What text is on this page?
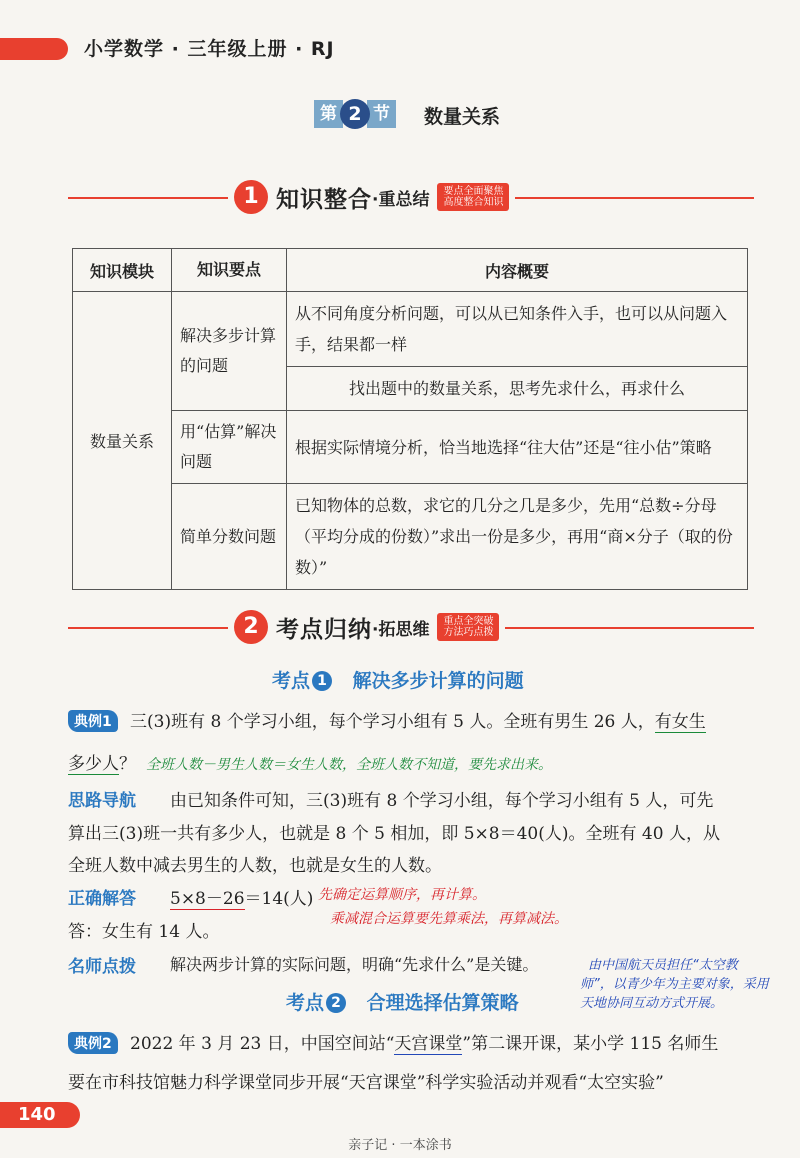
小学数学 · 三年级上册 · RJ
第 2 节	数量关系
1 知识整合 ·重总结	要点全面聚焦
高度整合知识
知识模块	知识要点	内容概要
数量关系	解决多步计算的问题	从不同角度分析问题，可以从已知条件入手，也可以从问题入手，结果都一样
		找出题中的数量关系，思考先求什么，再求什么
	用“估算”解决问题	根据实际情境分析，恰当地选择“往大估”还是“往小估”策略
	简单分数问题	已知物体的总数，求它的几分之几是多少，先用“总数÷分母（平均分成的份数）”求出一份是多少，再用“商×分子（取的份数）”
2 考点归纳 ·拓思维	重点全突破
方法巧点拨
考点 1 解决多步计算的问题
典例1	三(3)班有 8 个学习小组，每个学习小组有 5 人。全班有男生 26 人，有女生
多少人？ 全班人数－男生人数＝女生人数，全班人数不知道，要先求出来。
思路导航 由已知条件可知，三(3)班有 8 个学习小组，每个学习小组有 5 人，可先
算出三(3)班一共有多少人，也就是 8 个 5 相加，即 5×8＝40(人)。全班有 40 人，从
全班人数中减去男生的人数，也就是女生的人数。
正确解答 5×8－26＝14(人) 先确定运算顺序，再计算。
乘减混合运算要先算乘法，再算减法。
答：女生有 14 人。
名师点拨 解决两步计算的实际问题，明确“先求什么”是关键。	由中国航天员担任“太空教
师”，以青少年为主要对象，采用
天地协同互动方式开展。
考点 2 合理选择估算策略
典例2	2022 年 3 月 23 日，中国空间站“天宫课堂”第二课开课，某小学 115 名师生
要在市科技馆魅力科学课堂同步开展“天宫课堂”科学实验活动并观看“太空实验”
140
亲子记 · 一本涂书
